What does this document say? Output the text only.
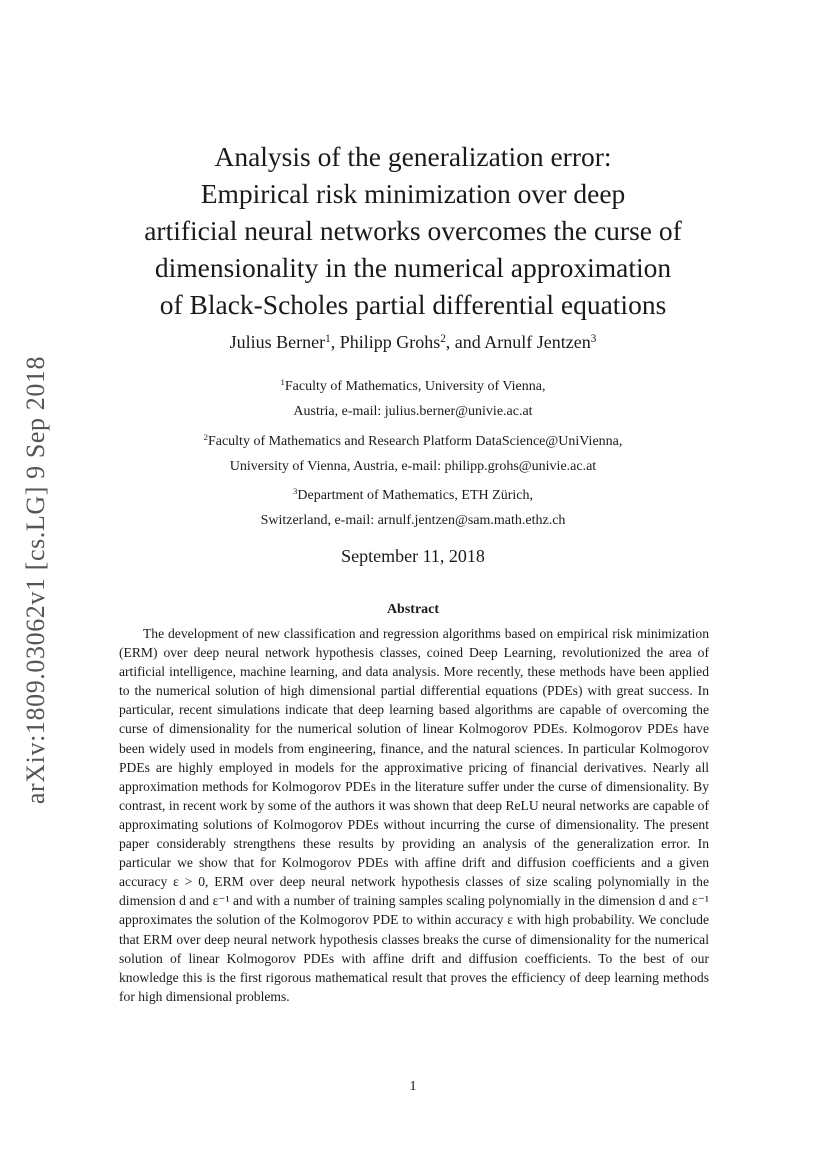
arXiv:1809.03062v1 [cs.LG] 9 Sep 2018
Analysis of the generalization error:
Empirical risk minimization over deep
artificial neural networks overcomes the curse of
dimensionality in the numerical approximation
of Black-Scholes partial differential equations
Julius Berner$^1$, Philipp Grohs$^2$, and Arnulf Jentzen$^3$
$^1$Faculty of Mathematics, University of Vienna,
Austria, e-mail: julius.berner@univie.ac.at
$^2$Faculty of Mathematics and Research Platform DataScience@UniVienna,
University of Vienna, Austria, e-mail: philipp.grohs@univie.ac.at
$^3$Department of Mathematics, ETH Zürich,
Switzerland, e-mail: arnulf.jentzen@sam.math.ethz.ch
September 11, 2018
Abstract
The development of new classification and regression algorithms based on empirical risk minimization (ERM) over deep neural network hypothesis classes, coined Deep Learning, revolutionized the area of artificial intelligence, machine learning, and data analysis. More recently, these methods have been applied to the numerical solution of high dimensional partial differential equations (PDEs) with great success. In particular, recent simulations indicate that deep learning based algorithms are capable of overcoming the curse of dimensionality for the numerical solution of linear Kolmogorov PDEs. Kolmogorov PDEs have been widely used in models from engineering, finance, and the natural sciences. In particular Kolmogorov PDEs are highly employed in models for the approximative pricing of financial derivatives. Nearly all approximation methods for Kolmogorov PDEs in the literature suffer under the curse of dimensionality. By contrast, in recent work by some of the authors it was shown that deep ReLU neural networks are capable of approximating solutions of Kolmogorov PDEs without incurring the curse of dimensionality. The present paper considerably strengthens these results by providing an analysis of the generalization error. In particular we show that for Kolmogorov PDEs with affine drift and diffusion coefficients and a given accuracy ε > 0, ERM over deep neural network hypothesis classes of size scaling polynomially in the dimension d and ε⁻¹ and with a number of training samples scaling polynomially in the dimension d and ε⁻¹ approximates the solution of the Kolmogorov PDE to within accuracy ε with high probability. We conclude that ERM over deep neural network hypothesis classes breaks the curse of dimensionality for the numerical solution of linear Kolmogorov PDEs with affine drift and diffusion coefficients. To the best of our knowledge this is the first rigorous mathematical result that proves the efficiency of deep learning methods for high dimensional problems.
1
